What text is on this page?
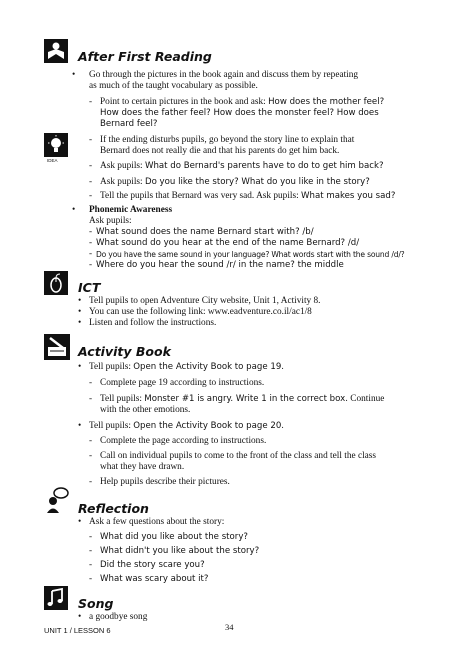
After First Reading
• Go through the pictures in the book again and discuss them by repeating
as much of the taught vocabulary as possible.
- Point to certain pictures in the book and ask: How does the mother feel?
How does the father feel? How does the monster feel? How does
Bernard feel?
IDEA
- If the ending disturbs pupils, go beyond the story line to explain that
Bernard does not really die and that his parents do get him back.
- Ask pupils: What do Bernard's parents have to do to get him back?
- Ask pupils: Do you like the story? What do you like in the story?
- Tell the pupils that Bernard was very sad. Ask pupils: What makes you sad?
• Phonemic Awareness
Ask pupils:
- What sound does the name Bernard start with? /b/
- What sound do you hear at the end of the name Bernard? /d/
- Do you have the same sound in your language? What words start with the sound /d/?
- Where do you hear the sound /r/ in the name? the middle
ICT
• Tell pupils to open Adventure City website, Unit 1, Activity 8.
• You can use the following link: www.eadventure.co.il/ac1/8
• Listen and follow the instructions.
Activity Book
• Tell pupils: Open the Activity Book to page 19.
- Complete page 19 according to instructions.
- Tell pupils: Monster #1 is angry. Write 1 in the correct box. Continue
with the other emotions.
• Tell pupils: Open the Activity Book to page 20.
- Complete the page according to instructions.
- Call on individual pupils to come to the front of the class and tell the class
what they have drawn.
- Help pupils describe their pictures.
Reflection
• Ask a few questions about the story:
- What did you like about the story?
- What didn't you like about the story?
- Did the story scare you?
- What was scary about it?
Song
• a goodbye song
UNIT 1 / LESSON 6	34
